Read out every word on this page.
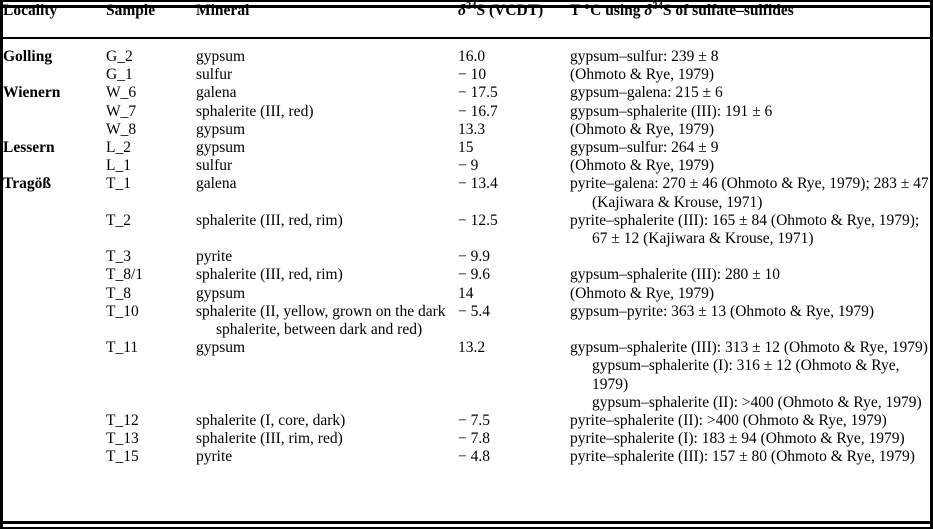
Locality	Sample	Mineral	$\delta^{34}S$ (VCDT)	T °C using $\delta^{34}S$ of sulfate–sulfides

Golling	G_2	gypsum	16.0	gypsum–sulfur: 239 ± 8

	G_1	sulfur	− 10	(Ohmoto & Rye, 1979)

Wienern	W_6	galena	− 17.5	gypsum–galena: 215 ± 6

	W_7	sphalerite (III, red)	− 16.7	gypsum–sphalerite (III): 191 ± 6

	W_8	gypsum	13.3	(Ohmoto & Rye, 1979)

Lessern	L_2	gypsum	15	gypsum–sulfur: 264 ± 9

	L_1	sulfur	− 9	(Ohmoto & Rye, 1979)

Tragöß	T_1	galena	− 13.4	pyrite–galena: 270 ± 46 (Ohmoto & Rye, 1979); 283 ± 47 (Kajiwara & Krouse, 1971)

	T_2	sphalerite (III, red, rim)	− 12.5	pyrite–sphalerite (III): 165 ± 84 (Ohmoto & Rye, 1979); 67 ± 12 (Kajiwara & Krouse, 1971)

	T_3	pyrite	− 9.9	
	T_8/1	sphalerite (III, red, rim)	− 9.6	gypsum–sphalerite (III): 280 ± 10

	T_8	gypsum	14	(Ohmoto & Rye, 1979)

	T_10	sphalerite (II, yellow, grown on the dark sphalerite, between dark and red)	− 5.4	gypsum–pyrite: 363 ± 13 (Ohmoto & Rye, 1979)

	T_11	gypsum	13.2	gypsum–sphalerite (III): 313 ± 12 (Ohmoto & Rye, 1979)
gypsum–sphalerite (I): 316 ± 12 (Ohmoto & Rye, 1979)
gypsum–sphalerite (II): >400 (Ohmoto & Rye, 1979)

	T_12	sphalerite (I, core, dark)	− 7.5	pyrite–sphalerite (II): >400 (Ohmoto & Rye, 1979)

	T_13	sphalerite (III, rim, red)	− 7.8	pyrite–sphalerite (I): 183 ± 94 (Ohmoto & Rye, 1979)

	T_15	pyrite	− 4.8	pyrite–sphalerite (III): 157 ± 80 (Ohmoto & Rye, 1979)
